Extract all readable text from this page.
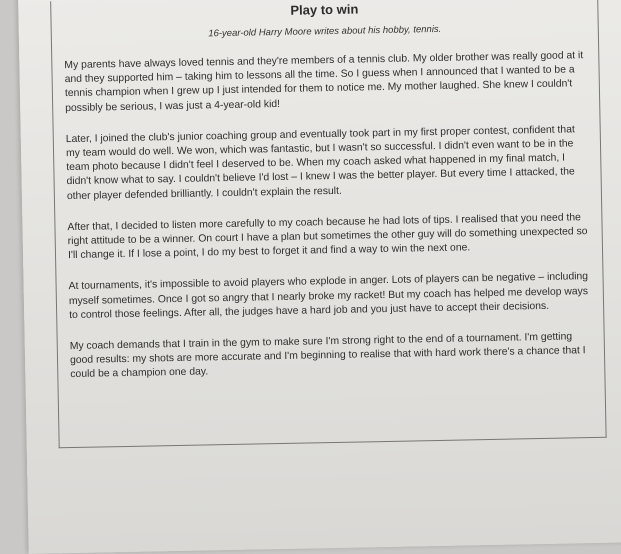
Play to win

16-year-old Harry Moore writes about his hobby, tennis.

My parents have always loved tennis and they're members of a tennis club. My older brother was really good at it and they supported him – taking him to lessons all the time. So I guess when I announced that I wanted to be a tennis champion when I grew up I just intended for them to notice me. My mother laughed. She knew I couldn't possibly be serious, I was just a 4-year-old kid!

Later, I joined the club's junior coaching group and eventually took part in my first proper contest, confident that my team would do well. We won, which was fantastic, but I wasn't so successful. I didn't even want to be in the team photo because I didn't feel I deserved to be. When my coach asked what happened in my final match, I didn't know what to say. I couldn't believe I'd lost – I knew I was the better player. But every time I attacked, the other player defended brilliantly. I couldn't explain the result.

After that, I decided to listen more carefully to my coach because he had lots of tips. I realised that you need the right attitude to be a winner. On court I have a plan but sometimes the other guy will do something unexpected so I'll change it. If I lose a point, I do my best to forget it and find a way to win the next one.

At tournaments, it's impossible to avoid players who explode in anger. Lots of players can be negative – including myself sometimes. Once I got so angry that I nearly broke my racket! But my coach has helped me develop ways to control those feelings. After all, the judges have a hard job and you just have to accept their decisions.

My coach demands that I train in the gym to make sure I'm strong right to the end of a tournament. I'm getting good results: my shots are more accurate and I'm beginning to realise that with hard work there's a chance that I could be a champion one day.
